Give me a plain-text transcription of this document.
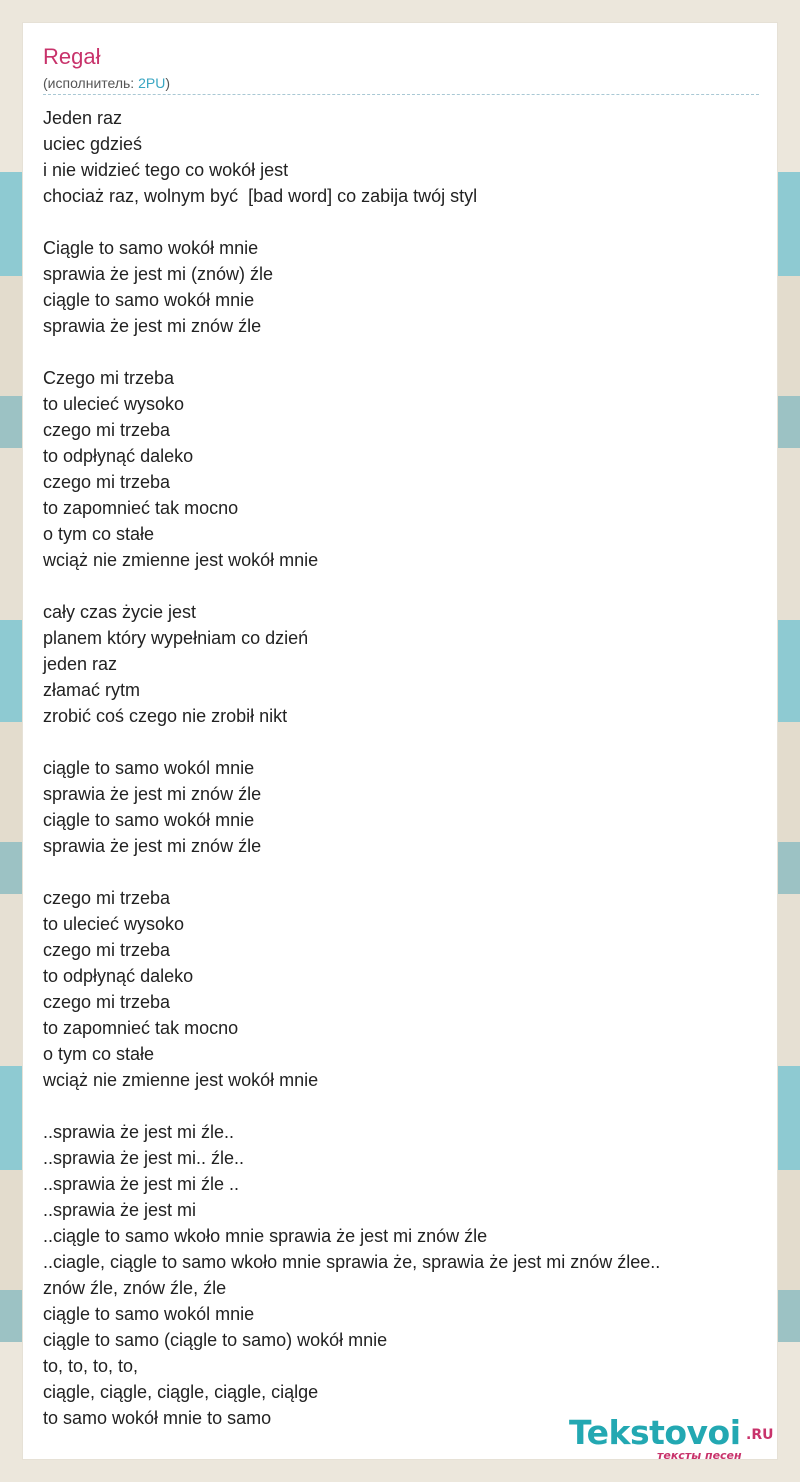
Regał
(исполнитель: 2PU)
Jeden raz
uciec gdzieś
i nie widzieć tego co wokół jest
chociaż raz, wolnym być  [bad word] co zabija twój styl
Ciągle to samo wokół mnie
sprawia że jest mi (znów) źle
ciągle to samo wokół mnie
sprawia że jest mi znów źle
Czego mi trzeba
to ulecieć wysoko
czego mi trzeba
to odpłynąć daleko
czego mi trzeba
to zapomnieć tak mocno
o tym co stałe
wciąż nie zmienne jest wokół mnie
cały czas życie jest
planem który wypełniam co dzień
jeden raz
złamać rytm
zrobić coś czego nie zrobił nikt
ciągle to samo wokól mnie
sprawia że jest mi znów źle
ciągle to samo wokół mnie
sprawia że jest mi znów źle
czego mi trzeba
to ulecieć wysoko
czego mi trzeba
to odpłynąć daleko
czego mi trzeba
to zapomnieć tak mocno
o tym co stałe
wciąż nie zmienne jest wokół mnie
..sprawia że jest mi źle..
..sprawia że jest mi.. źle..
..sprawia że jest mi źle ..
..sprawia że jest mi
..ciągle to samo wkoło mnie sprawia że jest mi znów źle
..ciagle, ciągle to samo wkoło mnie sprawia że, sprawia że jest mi znów źlee..
znów źle, znów źle, źle
ciągle to samo wokól mnie
ciągle to samo (ciągle to samo) wokół mnie
to, to, to, to,
ciągle, ciągle, ciągle, ciągle, ciąlge
to samo wokół mnie to samo	Tekstovoi .RU
тексты песен
